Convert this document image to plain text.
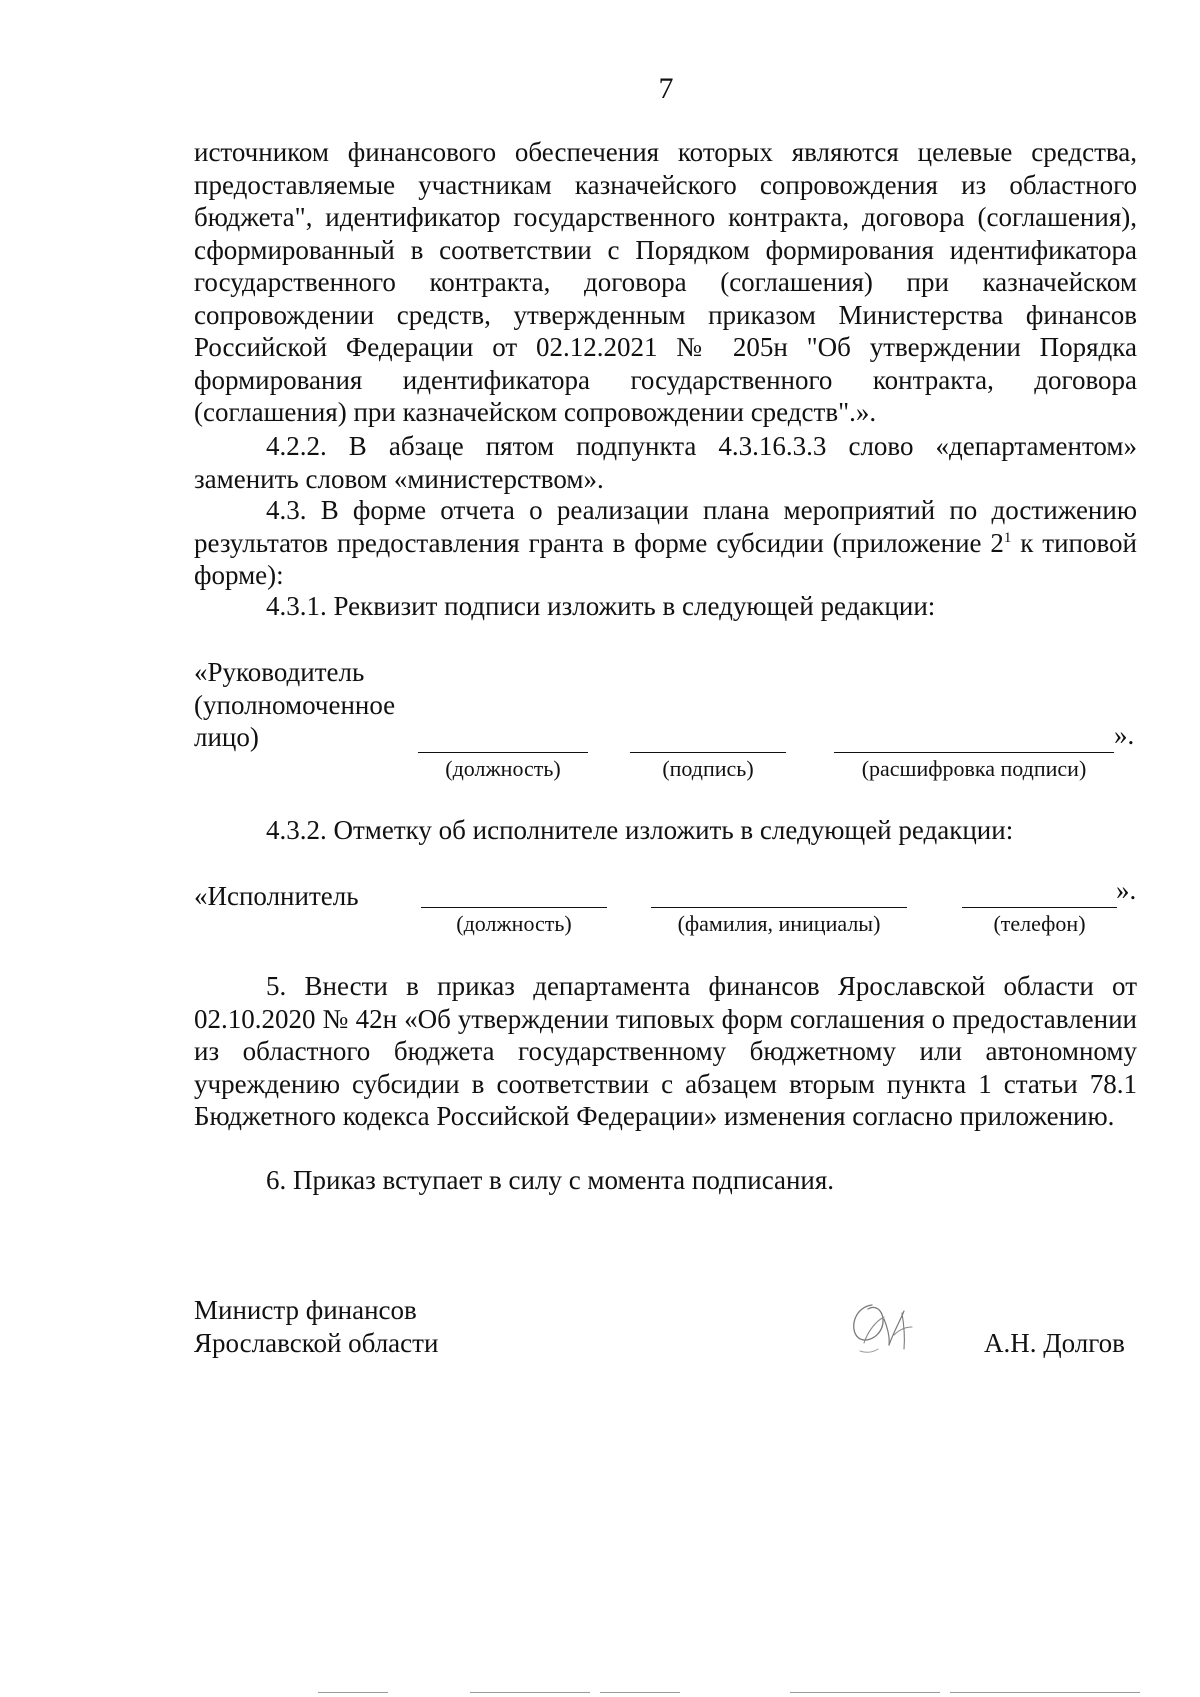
7
источником финансового обеспечения которых являются целевые средства, предоставляемые участникам казначейского сопровождения из областного бюджета", идентификатор государственного контракта, договора (соглашения), сформированный в соответствии с Порядком формирования идентификатора государственного контракта, договора (соглашения) при казначейском сопровождении средств, утвержденным приказом Министерства финансов Российской Федерации от 02.12.2021 № 205н "Об утверждении Порядка формирования идентификатора государственного контракта, договора (соглашения) при казначейском сопровождении средств".».
4.2.2. В абзаце пятом подпункта 4.3.16.3.3 слово «департаментом» заменить словом «министерством».
4.3. В форме отчета о реализации плана мероприятий по достижению результатов предоставления гранта в форме субсидии (приложение $2^1$ к типовой форме):
4.3.1. Реквизит подписи изложить в следующей редакции:
«Руководитель
(уполномоченное
лицо)	».
(должность)	(подпись)	(расшифровка подписи)
4.3.2. Отметку об исполнителе изложить в следующей редакции:
«Исполнитель	».
(должность)	(фамилия, инициалы)	(телефон)
5. Внести в приказ департамента финансов Ярославской области от 02.10.2020 № 42н «Об утверждении типовых форм соглашения о предоставлении из областного бюджета государственному бюджетному или автономному учреждению субсидии в соответствии с абзацем вторым пункта 1 статьи 78.1 Бюджетного кодекса Российской Федерации» изменения согласно приложению.
6. Приказ вступает в силу с момента подписания.
Министр финансов
Ярославской области	А.Н. Долгов
